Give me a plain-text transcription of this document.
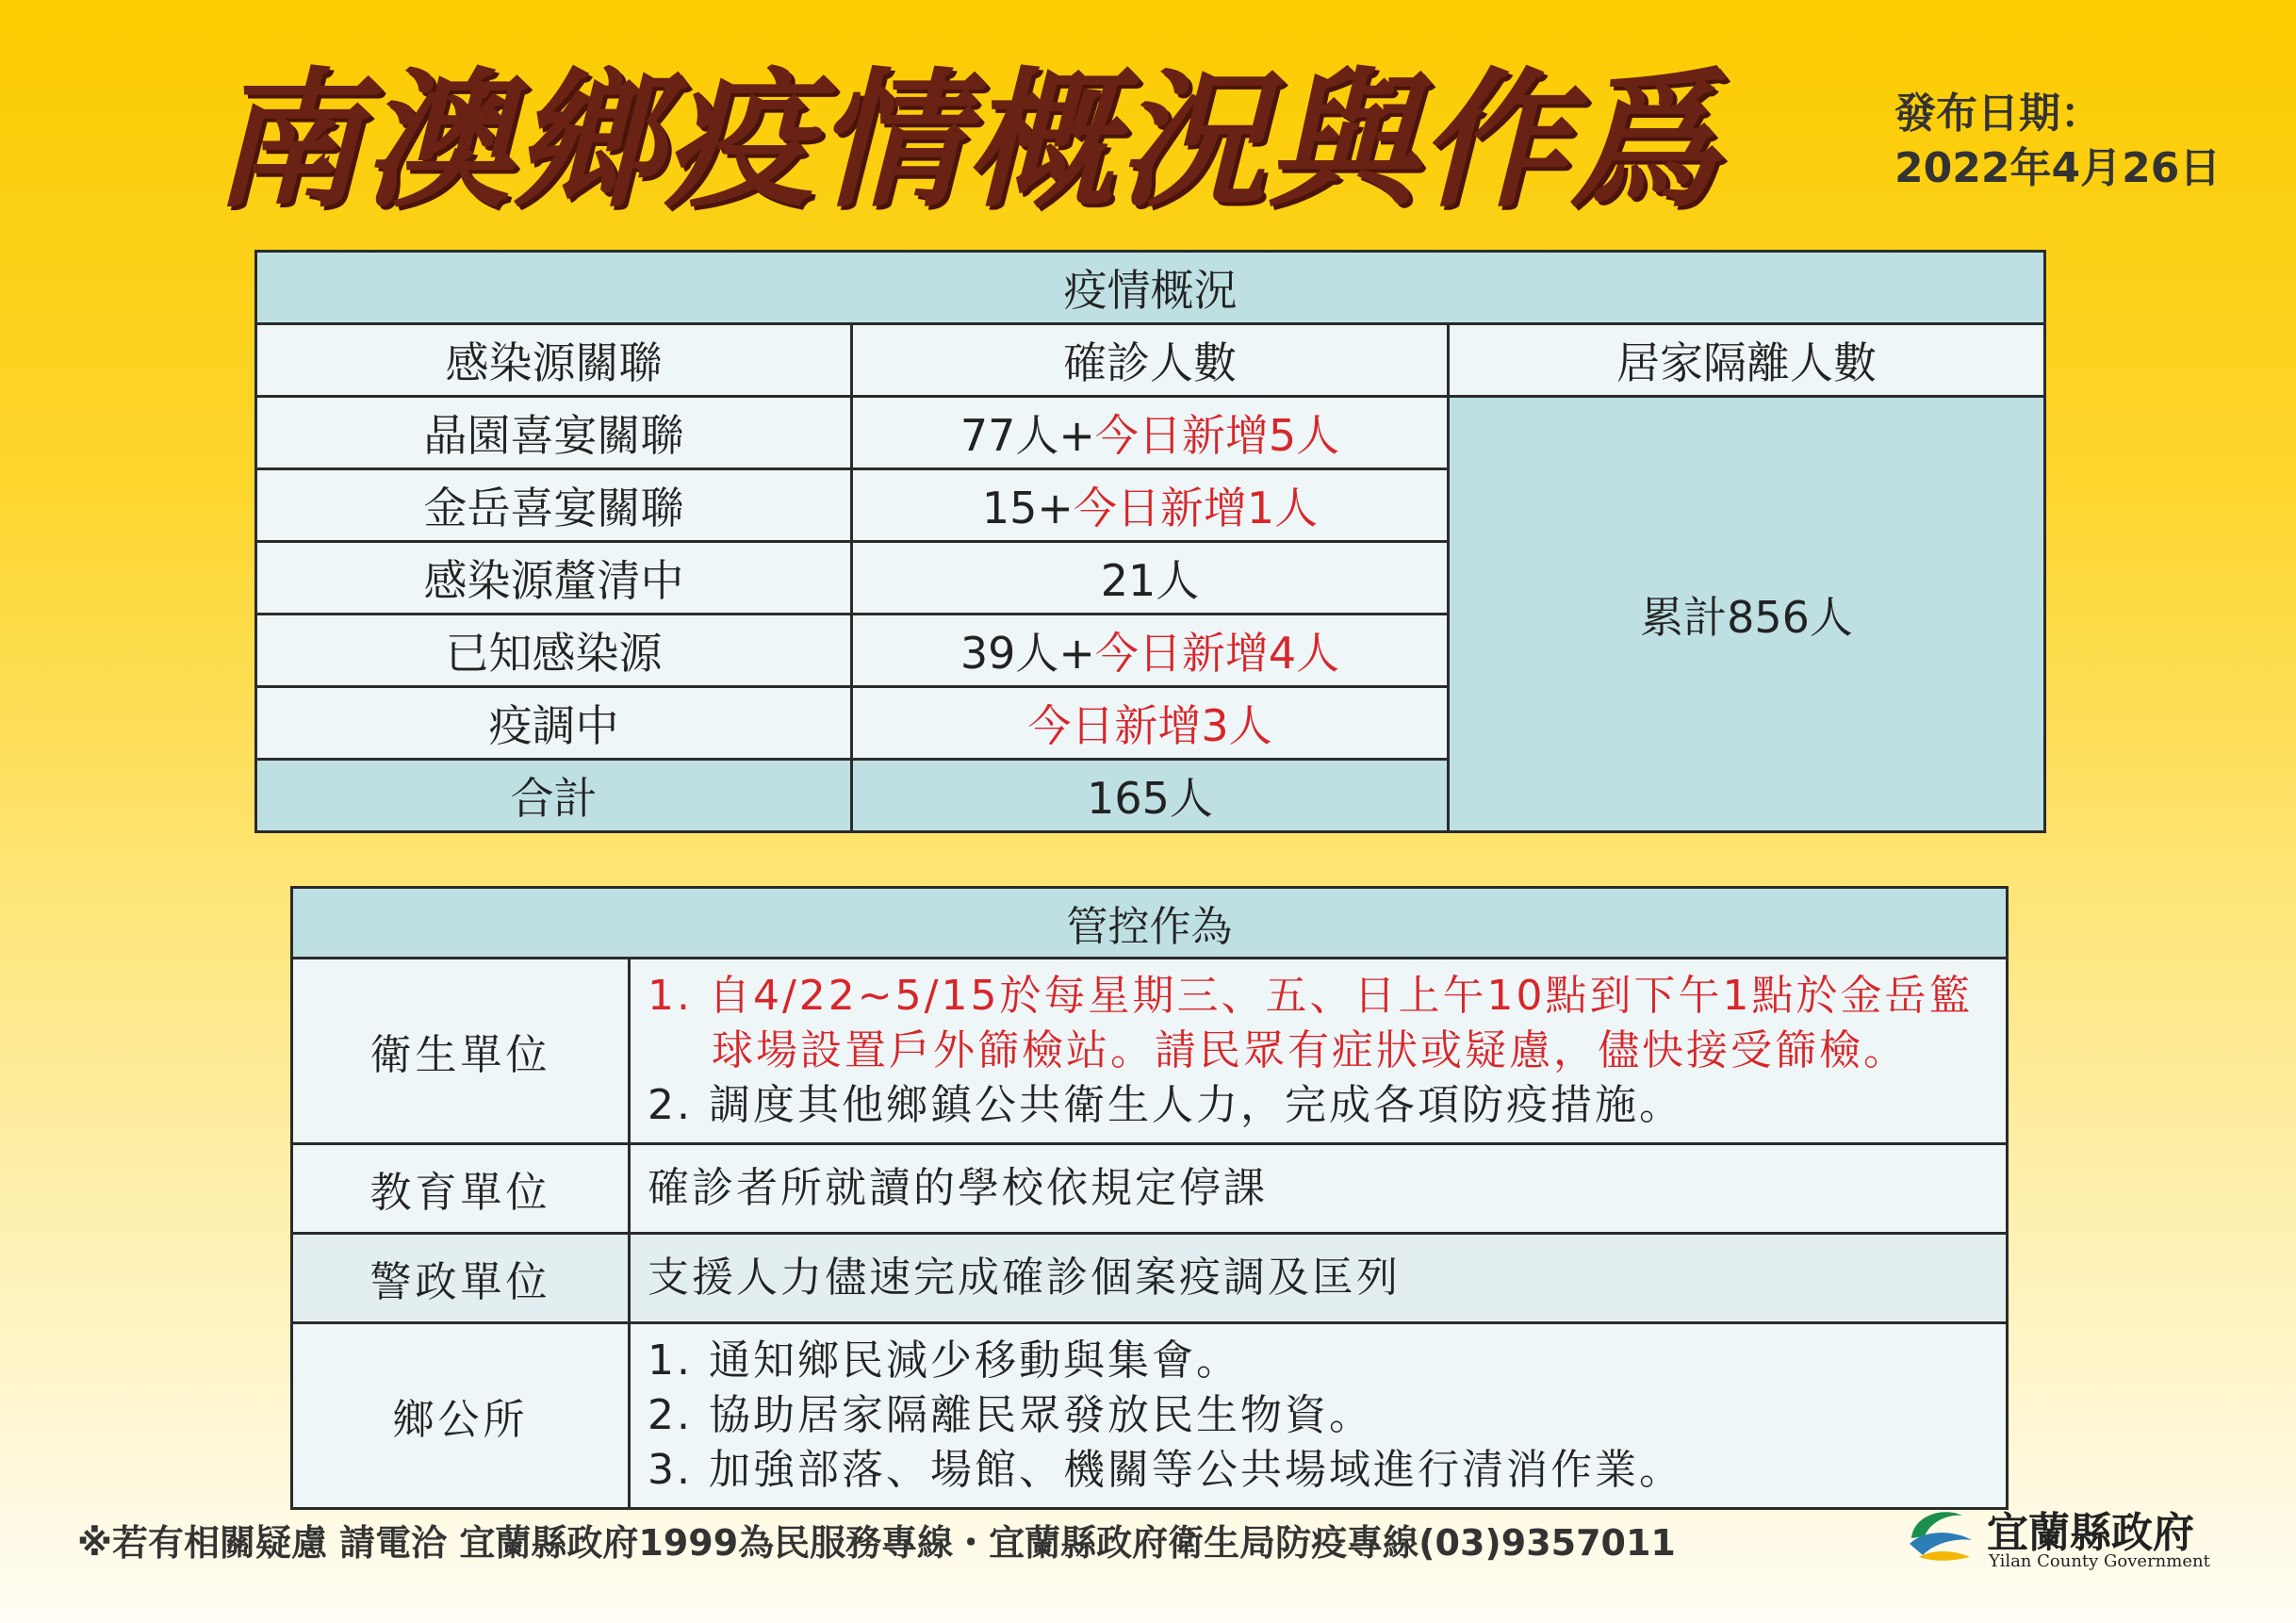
南澳鄉疫情概況與作爲	發布日期：
2022年4月26日
疫情概況		
感染源關聯	確診人數	居家隔離人數
晶園喜宴關聯	77人+今日新增5人	累計856人
金岳喜宴關聯	15+今日新增1人	
感染源釐清中	21人	
已知感染源	39人+今日新增4人	
疫調中	今日新增3人	
合計	165人	
管控作為	
衛生單位	1. 自4/22~5/15於每星期三、五、日上午10點到下午1點於金岳籃
球場設置戶外篩檢站。請民眾有症狀或疑慮，儘快接受篩檢。
2. 調度其他鄉鎮公共衛生人力，完成各項防疫措施。

教育單位	確診者所就讀的學校依規定停課
警政單位	支援人力儘速完成確診個案疫調及匡列
鄉公所	1. 通知鄉民減少移動與集會。
2. 協助居家隔離民眾發放民生物資。
3. 加強部落、場館、機關等公共場域進行清消作業。
※若有相關疑慮 請電洽 宜蘭縣政府1999為民服務專線・宜蘭縣政府衛生局防疫專線(03)9357011	宜蘭縣政府
Yilan County Government
